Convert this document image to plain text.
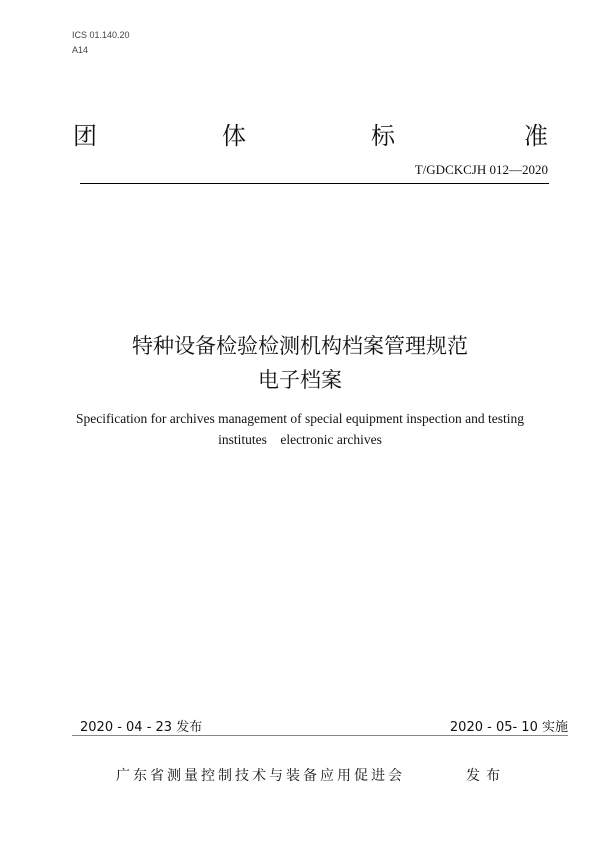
ICS 01.140.20
A14
团	体	标	准
T/GDCKCJH 012—2020
特种设备检验检测机构档案管理规范
电子档案
Specification for archives management of special equipment inspection and testing
institutes    electronic archives
2020 - 04 - 23 发布	2020 - 05- 10 实施
广东省测量控制技术与装备应用促进会	发布
